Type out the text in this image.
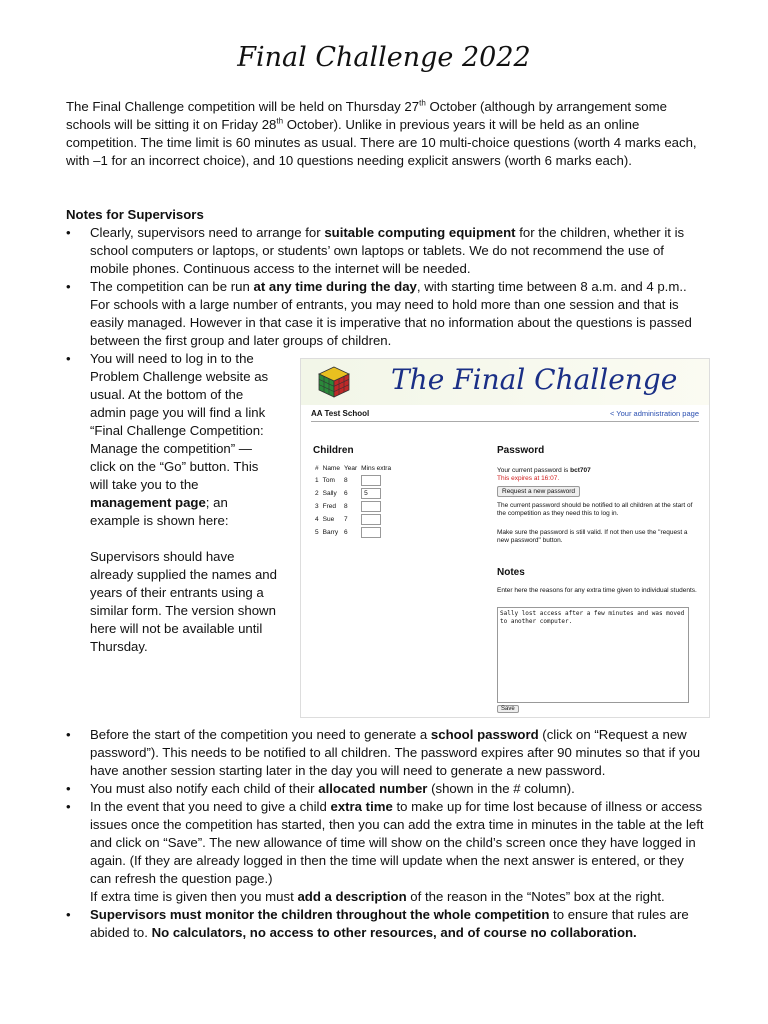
Final Challenge 2022
The Final Challenge competition will be held on Thursday 27th October (although by arrangement some schools will be sitting it on Friday 28th October). Unlike in previous years it will be held as an online competition. The time limit is 60 minutes as usual. There are 10 multi-choice questions (worth 4 marks each, with –1 for an incorrect choice), and 10 questions needing explicit answers (worth 6 marks each).
Notes for Supervisors
• Clearly, supervisors need to arrange for suitable computing equipment for the children, whether it is school computers or laptops, or students’ own laptops or tablets. We do not recommend the use of mobile phones. Continuous access to the internet will be needed.
• The competition can be run at any time during the day, with starting time between 8 a.m. and 4 p.m.. For schools with a large number of entrants, you may need to hold more than one session and that is easily managed. However in that case it is imperative that no information about the questions is passed between the first group and later groups of children.
• You will need to log in to the Problem Challenge website as usual. At the bottom of the admin page you will find a link “Final Challenge Competition: Manage the competition” — click on the “Go” button. This will take you to the management page; an example is shown here:

Supervisors should have already supplied the names and years of their entrants using a similar form. The version shown here will not be available until Thursday.

The Final Challenge
AA Test School	< Your administration page
Children
#	Name	Year	Mins extra
1	Tom	8	

2	Sally	6	5

3	Fred	8	

4	Sue	7	

5	Barry	6	
Password
Your current password is bct707
This expires at 16:07.
Request a new password
The current password should be notified to all children at the start of the competition as they need this to log in.
Make sure the password is still valid. If not then use the "request a new password" button.
Notes
Enter here the reasons for any extra time given to individual students.
Sally lost access after a few minutes and was moved to another computer.
Save
• Before the start of the competition you need to generate a school password (click on “Request a new password”). This needs to be notified to all children. The password expires after 90 minutes so that if you have another session starting later in the day you will need to generate a new password.
• You must also notify each child of their allocated number (shown in the # column).
• In the event that you need to give a child extra time to make up for time lost because of illness or access issues once the competition has started, then you can add the extra time in minutes in the table at the left and click on “Save”. The new allowance of time will show on the child’s screen once they have logged in again. (If they are already logged in then the time will update when the next answer is entered, or they can refresh the question page.)
If extra time is given then you must add a description of the reason in the “Notes” box at the right.
• Supervisors must monitor the children throughout the whole competition to ensure that rules are abided to. No calculators, no access to other resources, and of course no collaboration.
